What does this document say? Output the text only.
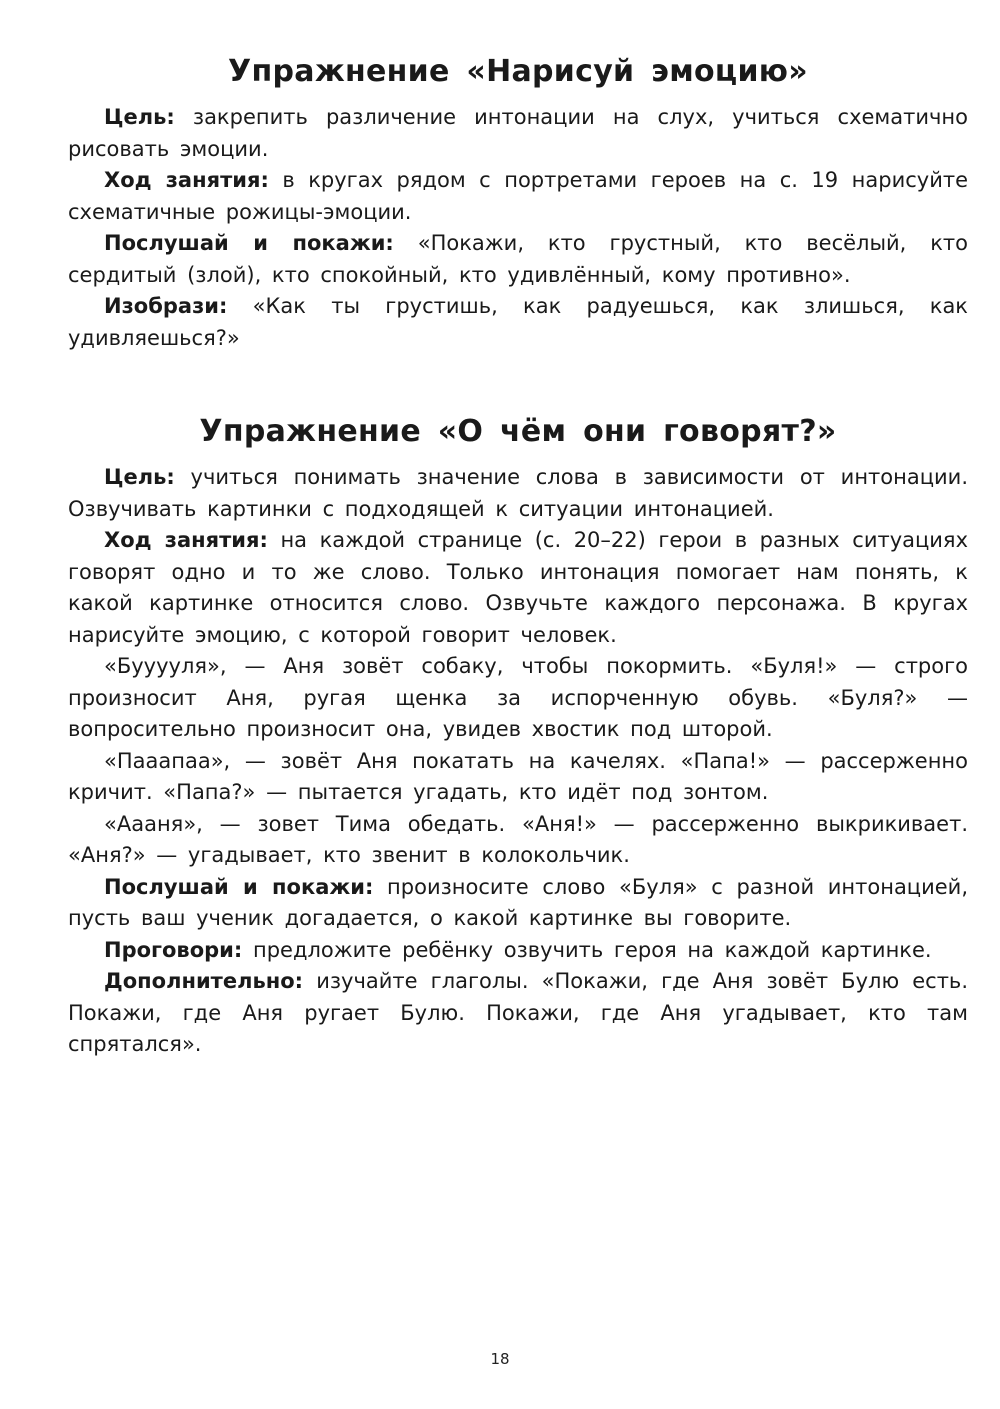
Упражнение «Нарисуй эмоцию»

Цель: закрепить различение интонации на слух, учиться схематично рисовать эмоции.

Ход занятия: в кругах рядом с портретами героев на с. 19 нарисуйте схематичные рожицы-эмоции.

Послушай и покажи: «Покажи, кто грустный, кто весёлый, кто сердитый (злой), кто спокойный, кто удивлённый, кому противно».

Изобрази: «Как ты грустишь, как радуешься, как злишься, как удивляешься?»

Упражнение «О чём они говорят?»

Цель: учиться понимать значение слова в зависимости от интонации. Озвучивать картинки с подходящей к ситуации интонацией.

Ход занятия: на каждой странице (с. 20–22) герои в разных ситуациях говорят одно и то же слово. Только интонация помогает нам понять, к какой картинке относится слово. Озвучьте каждого персонажа. В кругах нарисуйте эмоцию, с которой говорит человек.

«Бууууля», — Аня зовёт собаку, чтобы покормить. «Буля!» — строго произносит Аня, ругая щенка за испорченную обувь. «Буля?» — вопросительно произносит она, увидев хвостик под шторой.

«Пааапаа», — зовёт Аня покатать на качелях. «Папа!» — рассерженно кричит. «Папа?» — пытается угадать, кто идёт под зонтом.

«Аааня», — зовет Тима обедать. «Аня!» — рассерженно выкрикивает. «Аня?» — угадывает, кто звенит в колокольчик.

Послушай и покажи: произносите слово «Буля» с разной интонацией, пусть ваш ученик догадается, о какой картинке вы говорите.

Проговори: предложите ребёнку озвучить героя на каждой картинке.

Дополнительно: изучайте глаголы. «Покажи, где Аня зовёт Булю есть. Покажи, где Аня ругает Булю. Покажи, где Аня угадывает, кто там спрятался».

18
